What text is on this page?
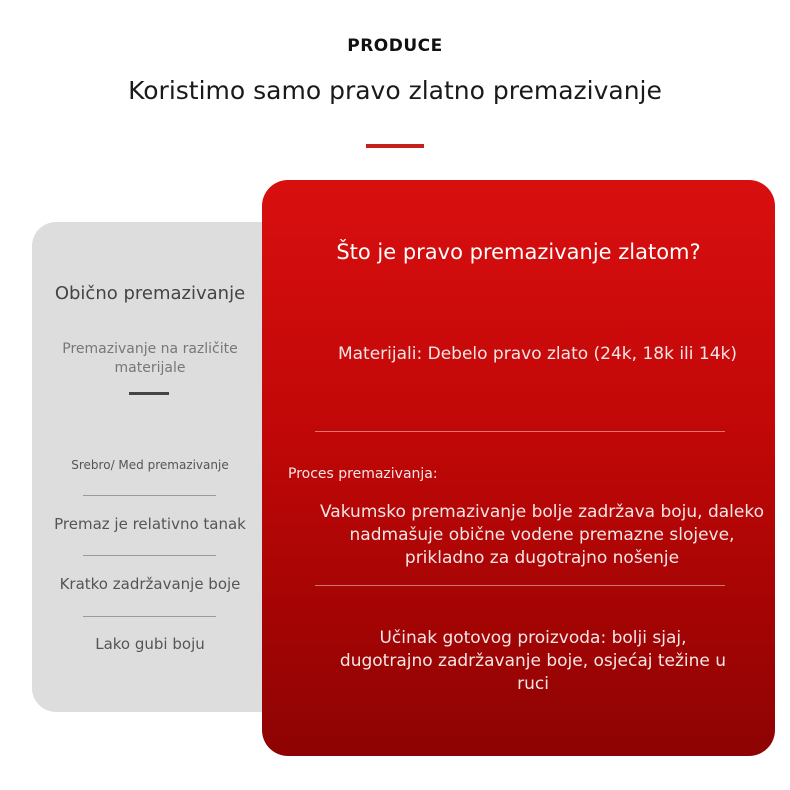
PRODUCE
Koristimo samo pravo zlatno premazivanje
Obično premazivanje
Premazivanje na različite materijale
Srebro/ Med premazivanje
Premaz je relativno tanak
Kratko zadržavanje boje
Lako gubi boju
Što je pravo premazivanje zlatom?
Materijali: Debelo pravo zlato (24k, 18k ili 14k)
Proces premazivanja:
Vakumsko premazivanje bolje zadržava boju, daleko nadmašuje obične vodene premazne slojeve, prikladno za dugotrajno nošenje
Učinak gotovog proizvoda: bolji sjaj, dugotrajno zadržavanje boje, osjećaj težine u ruci
